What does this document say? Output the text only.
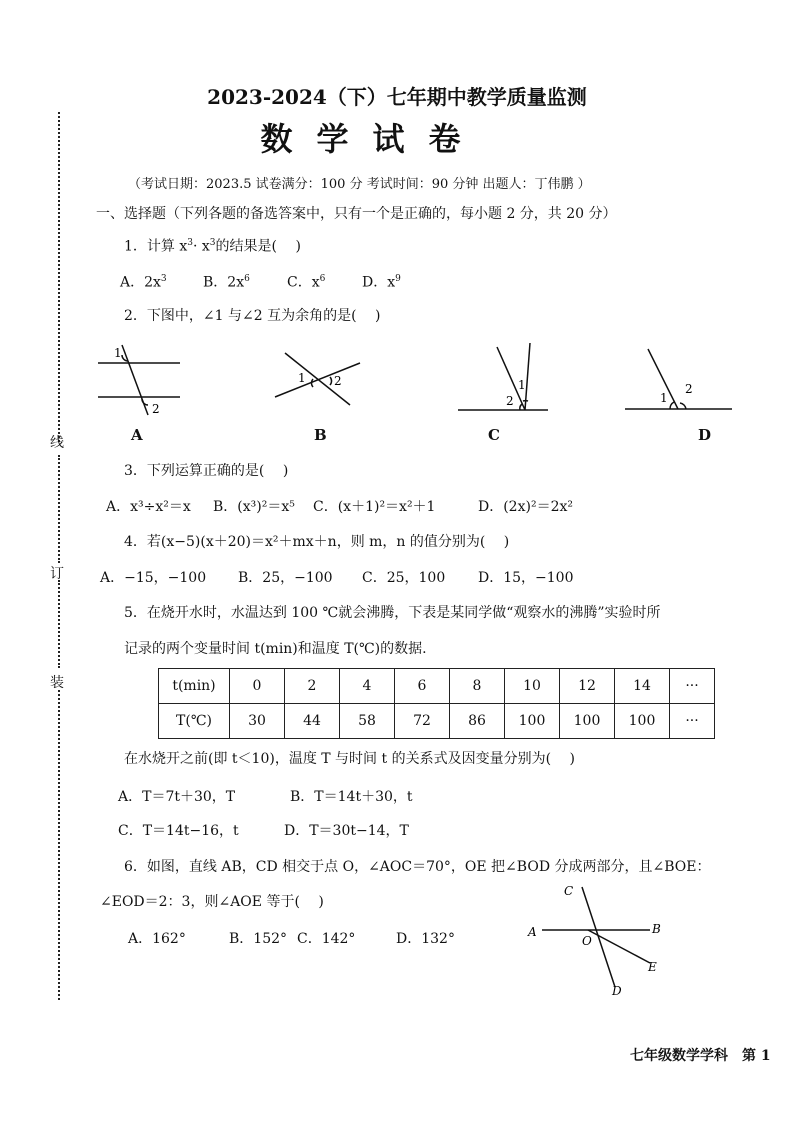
线
订
装
2023-2024（下）七年期中教学质量监测
数学试卷
（考试日期：2023.5 试卷满分：100 分 考试时间：90 分钟 出题人：丁伟鹏 ）
一、选择题（下列各题的备选答案中，只有一个是正确的，每小题 2 分，共 20 分）
1．计算 $x^3\cdot x^3$的结果是(　 )
A．$2x^3$	B．$2x^6$	C．$x^6$	D．$x^9$
2．下图中，∠1 与∠2 互为余角的是(　 )
1
2
1 2	1
2	1
2
A	B	C	D
3．下列运算正确的是(　 )
A．x³÷x²＝x B．(x³)²＝x⁵ C．(x＋1)²＝x²＋1	D．(2x)²＝2x²
4．若(x−5)(x＋20)＝x²＋mx＋n，则 m，n 的值分别为(　 )
A．−15，−100 B．25，−100 C．25，100 D．15，−100
5．在烧开水时，水温达到 100 ℃就会沸腾，下表是某同学做“观察水的沸腾”实验时所
记录的两个变量时间 t(min)和温度 T(℃)的数据.
t(min)	0	2	4	6	8	10	12	14	···
T(℃)	30	44	58	72	86	100	100	100	···
在水烧开之前(即 t＜10)，温度 T 与时间 t 的关系式及因变量分别为(　 )
A．T＝7t＋30，T	B．T＝14t＋30，t
C．T＝14t−16，t	D．T＝30t−14，T
6．如图，直线 AB，CD 相交于点 O，∠AOC＝70°，OE 把∠BOD 分成两部分，且∠BOE：
∠EOD＝2：3，则∠AOE 等于(　 )
A．162°	B．152° C．142°	D．132°
C
A
O
B
E
D
七年级数学学科　第 1
